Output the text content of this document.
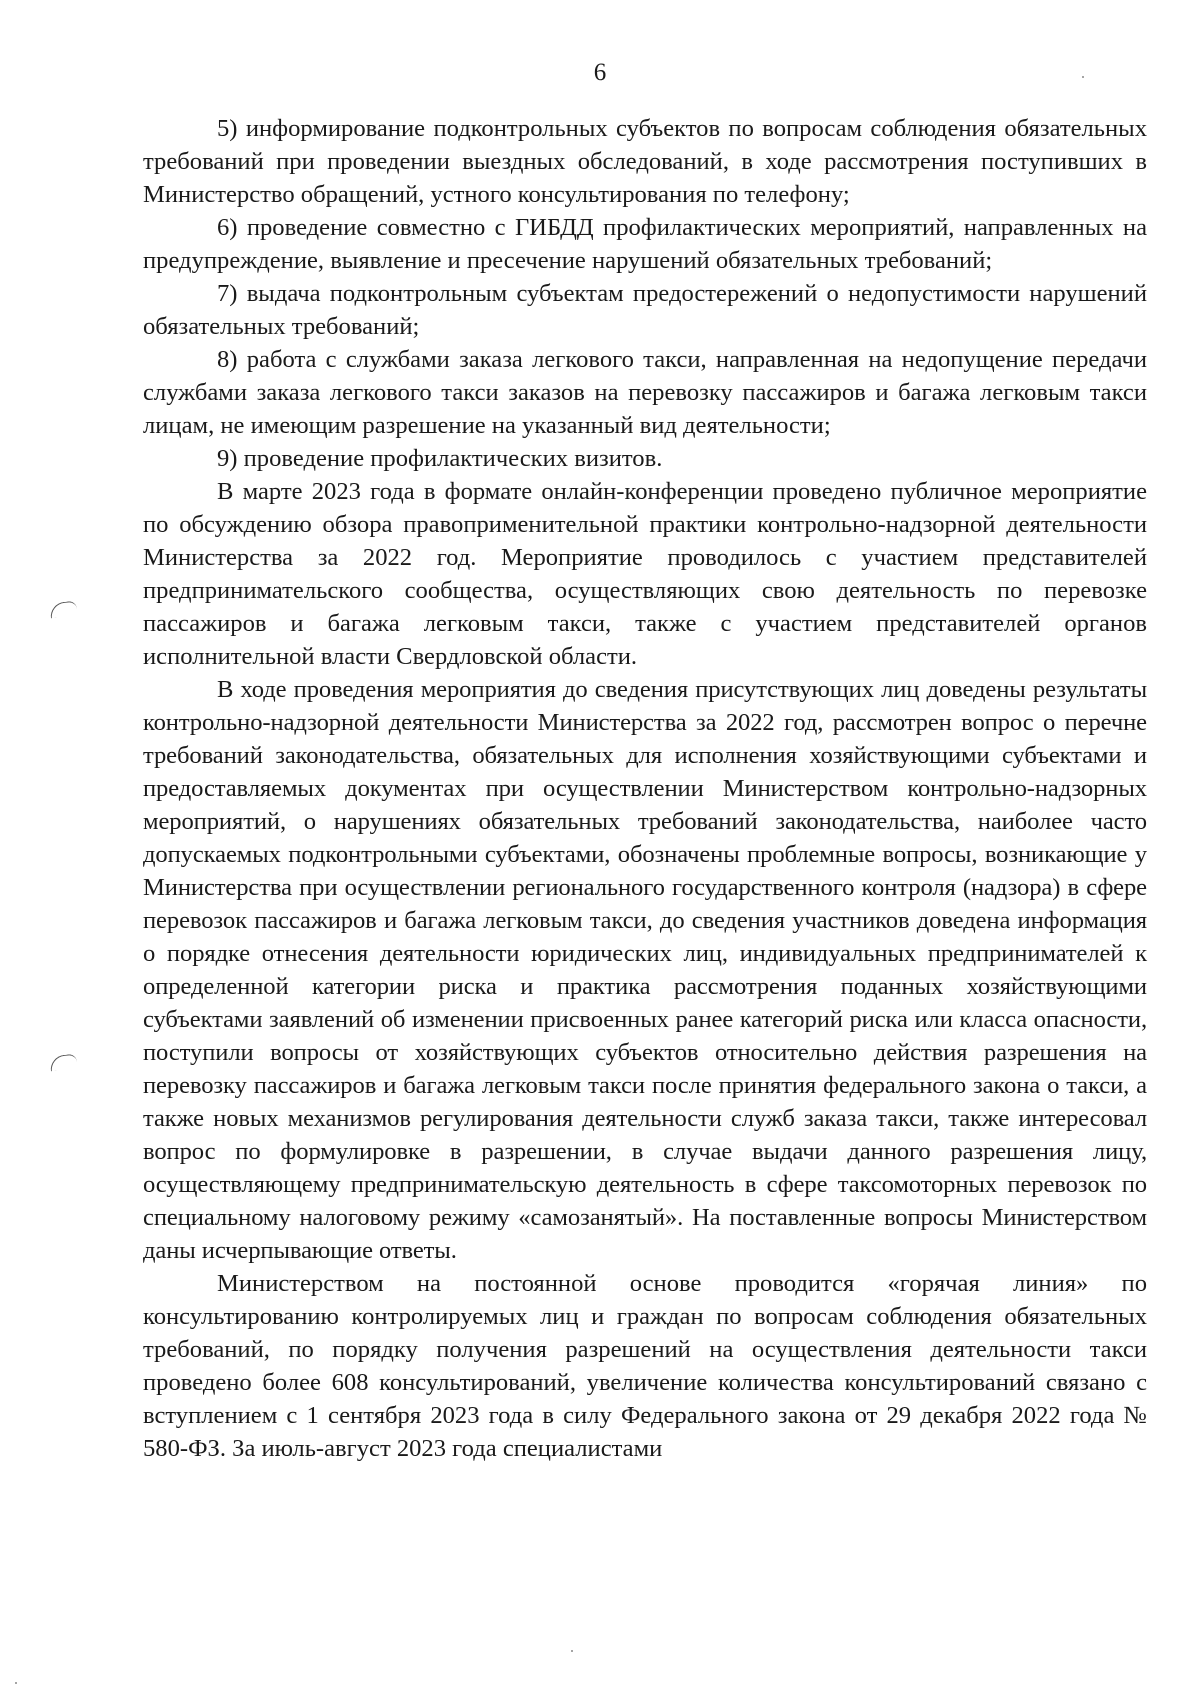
6

5) информирование подконтрольных субъектов по вопросам соблюдения обязательных требований при проведении выездных обследований, в ходе рассмотрения поступивших в Министерство обращений, устного консультирования по телефону;

6) проведение совместно с ГИБДД профилактических мероприятий, направленных на предупреждение, выявление и пресечение нарушений обязательных требований;

7) выдача подконтрольным субъектам предостережений о недопустимости нарушений обязательных требований;

8) работа с службами заказа легкового такси, направленная на недопущение передачи службами заказа легкового такси заказов на перевозку пассажиров и багажа легковым такси лицам, не имеющим разрешение на указанный вид деятельности;

9) проведение профилактических визитов.

В марте 2023 года в формате онлайн-конференции проведено публичное мероприятие по обсуждению обзора правоприменительной практики контрольно-надзорной деятельности Министерства за 2022 год. Мероприятие проводилось с участием представителей предпринимательского сообщества, осуществляющих свою деятельность по перевозке пассажиров и багажа легковым такси, также с участием представителей органов исполнительной власти Свердловской области.

В ходе проведения мероприятия до сведения присутствующих лиц доведены результаты контрольно-надзорной деятельности Министерства за 2022 год, рассмотрен вопрос о перечне требований законодательства, обязательных для исполнения хозяйствующими субъектами и предоставляемых документах при осуществлении Министерством контрольно-надзорных мероприятий, о нарушениях обязательных требований законодательства, наиболее часто допускаемых подконтрольными субъектами, обозначены проблемные вопросы, возникающие у Министерства при осуществлении регионального государственного контроля (надзора) в сфере перевозок пассажиров и багажа легковым такси, до сведения участников доведена информация о порядке отнесения деятельности юридических лиц, индивидуальных предпринимателей к определенной категории риска и практика рассмотрения поданных хозяйствующими субъектами заявлений об изменении присвоенных ранее категорий риска или класса опасности, поступили вопросы от хозяйствующих субъектов относительно действия разрешения на перевозку пассажиров и багажа легковым такси после принятия федерального закона о такси, а также новых механизмов регулирования деятельности служб заказа такси, также интересовал вопрос по формулировке в разрешении, в случае выдачи данного разрешения лицу, осуществляющему предпринимательскую деятельность в сфере таксомоторных перевозок по специальному налоговому режиму «самозанятый». На поставленные вопросы Министерством даны исчерпывающие ответы.

Министерством на постоянной основе проводится «горячая линия» по консультированию контролируемых лиц и граждан по вопросам соблюдения обязательных требований, по порядку получения разрешений на осуществления деятельности такси проведено более 608 консультирований, увеличение количества консультирований связано с вступлением с 1 сентября 2023 года в силу Федерального закона от 29 декабря 2022 года № 580-ФЗ. За июль-август 2023 года специалистами
